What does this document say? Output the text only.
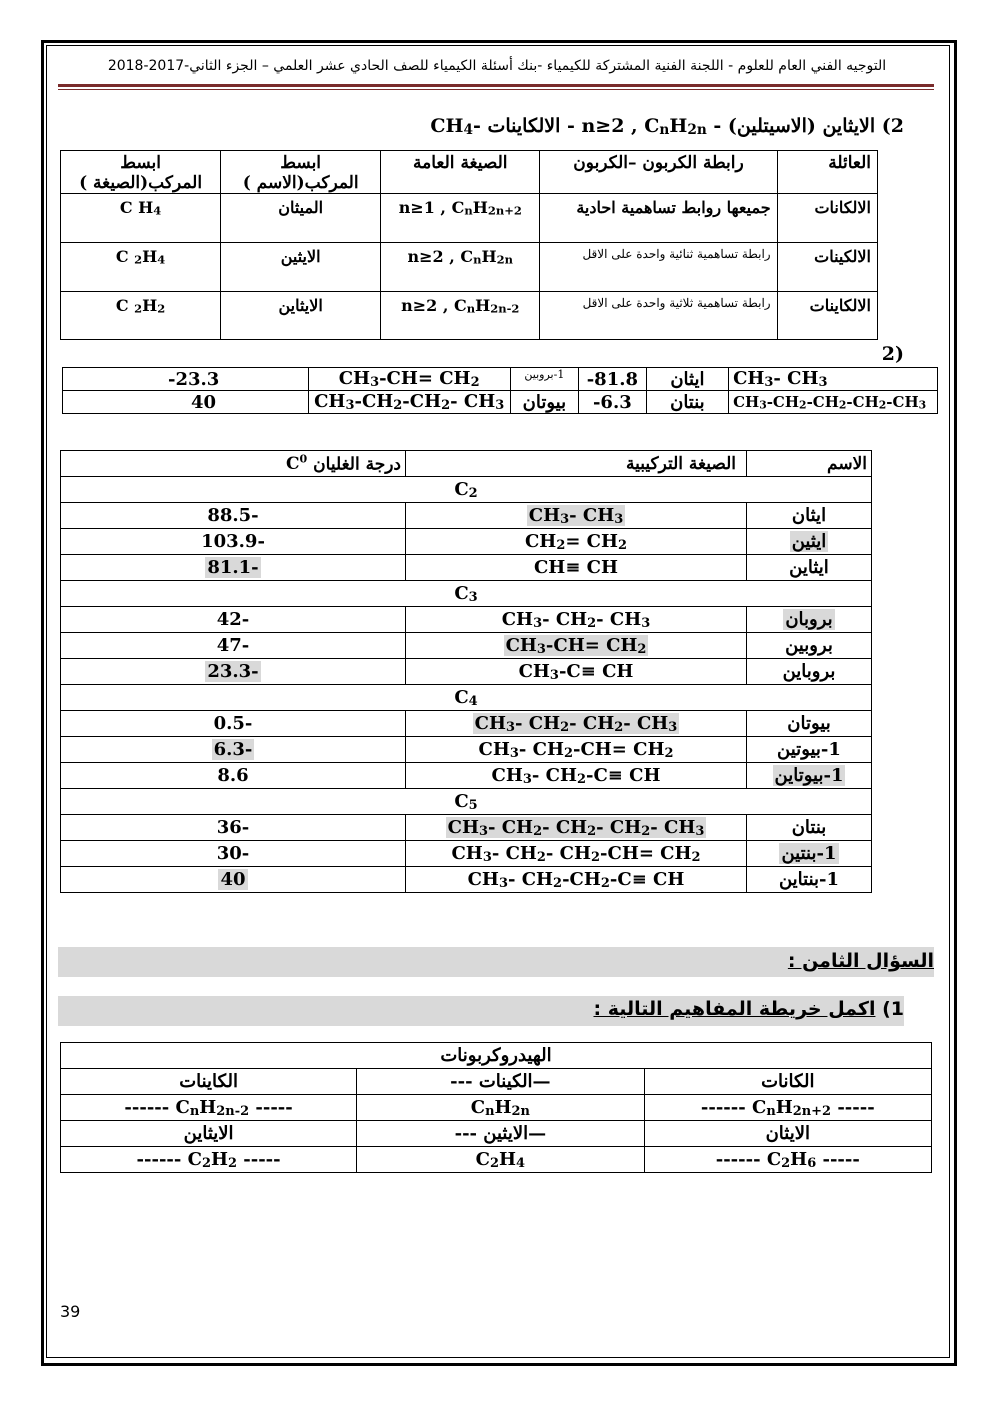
التوجيه الفني العام للعلوم - اللجنة الفنية المشتركة للكيمياء -بنك أسئلة الكيمياء للصف الحادي عشر العلمي – الجزء الثاني-2017-2018
2) الايثاين (الاسيتلين) - n≥2 , $C_nH_{2n}$ - الالكاينات $-CH_4$
العائلة	رابطة الكربون –الكربون	الصيغة العامة	ابسط المركب(الاسم )	ابسط المركب(الصيغة )
الالكانات	جميعها روابط تساهمية احادية	n≥1 , $C_nH_{2n+2}$	الميثان	C $H_4$
الالكينات	رابطة تساهمية ثنائية واحدة على الاقل	n≥2 , $C_nH_{2n}$	الايثين	C $_2H_4$
الالكاينات	رابطة تساهمية ثلاثية واحدة على الاقل	n≥2 , $C_nH_{2n-2}$	الايثاين	C $_2H_2$
(2
$CH_3-$ $CH_3$	ايثان	-81.8	1-بروبين	$CH_3-CH= CH_2$	-23.3
$CH_3-CH_2-CH_2-CH_2-CH_3$	بنتان	-6.3	بيوتان	$CH_3-CH_2-CH_2-$ $CH_3$	40
الاسم	الصيغة التركيبية	درجة الغليان $C^0$
$C_2$
ايثان	$CH_3-$ $CH_3$	88.5-
ايثين	$CH_2= CH_2$	103.9-
ايثاين	CH≡ CH	81.1-
$C_3$
بروبان	$CH_3-$ $CH_2-$ $CH_3$	42-
بروبين	$CH_3-CH= CH_2$	47-
بروباين	$CH_3-C\equiv$ CH	23.3-
$C_4$
بيوتان	$CH_3-$ $CH_2-$ $CH_2-$ $CH_3$	0.5-
1-بيوتين	$CH_3-$ $CH_2-CH= CH_2$	6.3-
1-بيوتاين	$CH_3-$ $CH_2-C\equiv$ CH	8.6
$C_5$
بنتان	$CH_3-$ $CH_2-$ $CH_2-$ $CH_2-$ $CH_3$	36-
1-بنتين	$CH_3-$ $CH_2-$ $CH_2-CH= CH_2$	30-
1-بنتاين	$CH_3-$ $CH_2-CH_2-C\equiv$ CH	40
السؤال الثامن :
1) اكمل خريطة المفاهيم التالية :
الهيدروكربونات		
الكانات	—الكينات ---	الكاينات
------ $C_nH_{2n+2}$ -----	$C_nH_{2n}$	------ $C_nH_{2n-2}$ -----
الايثان	—الايثين ---	الايثاين
------ $C_2H_6$ -----	$C_2H_4$	------ $C_2H_2$ -----
39
